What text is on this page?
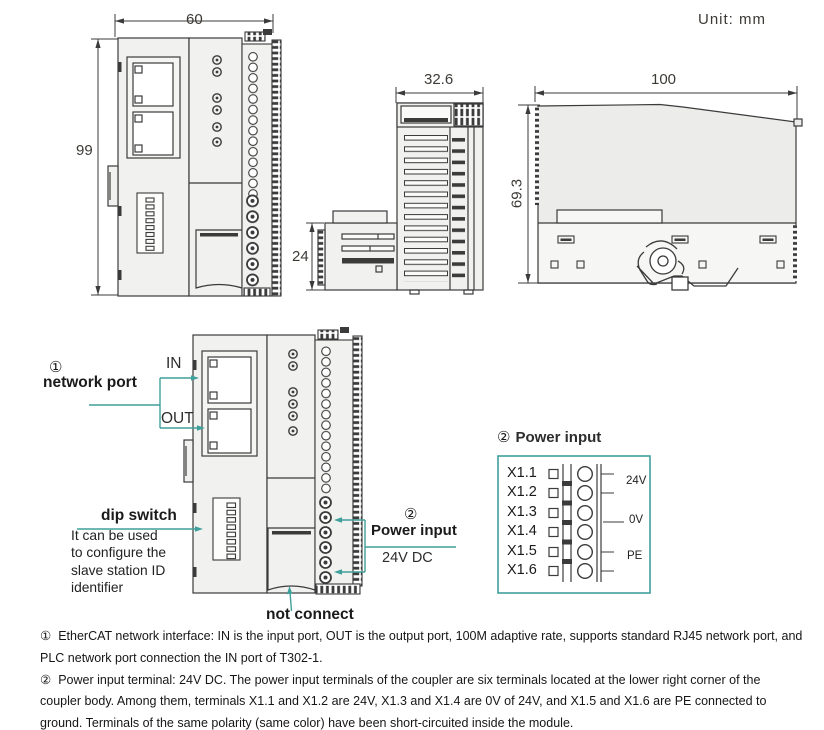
Unit: mm
60
99
32.6
24
100
69.3
①
network port
IN
OUT
dip switch
It can be used to configure the slave station ID identifier
not connect
②
Power input
24V DC
② Power input
X1.1
X1.2
X1.3
X1.4
X1.5
X1.6
24V
0V
PE

① EtherCAT network interface: IN is the input port, OUT is the output port, 100M adaptive rate, supports standard RJ45 network port, and PLC network port connection the IN port of T302-1.

② Power input terminal: 24V DC. The power input terminals of the coupler are six terminals located at the lower right corner of the coupler body. Among them, terminals X1.1 and X1.2 are 24V, X1.3 and X1.4 are 0V of 24V, and X1.5 and X1.6 are PE connected to ground. Terminals of the same polarity (same color) have been short-circuited inside the module.
